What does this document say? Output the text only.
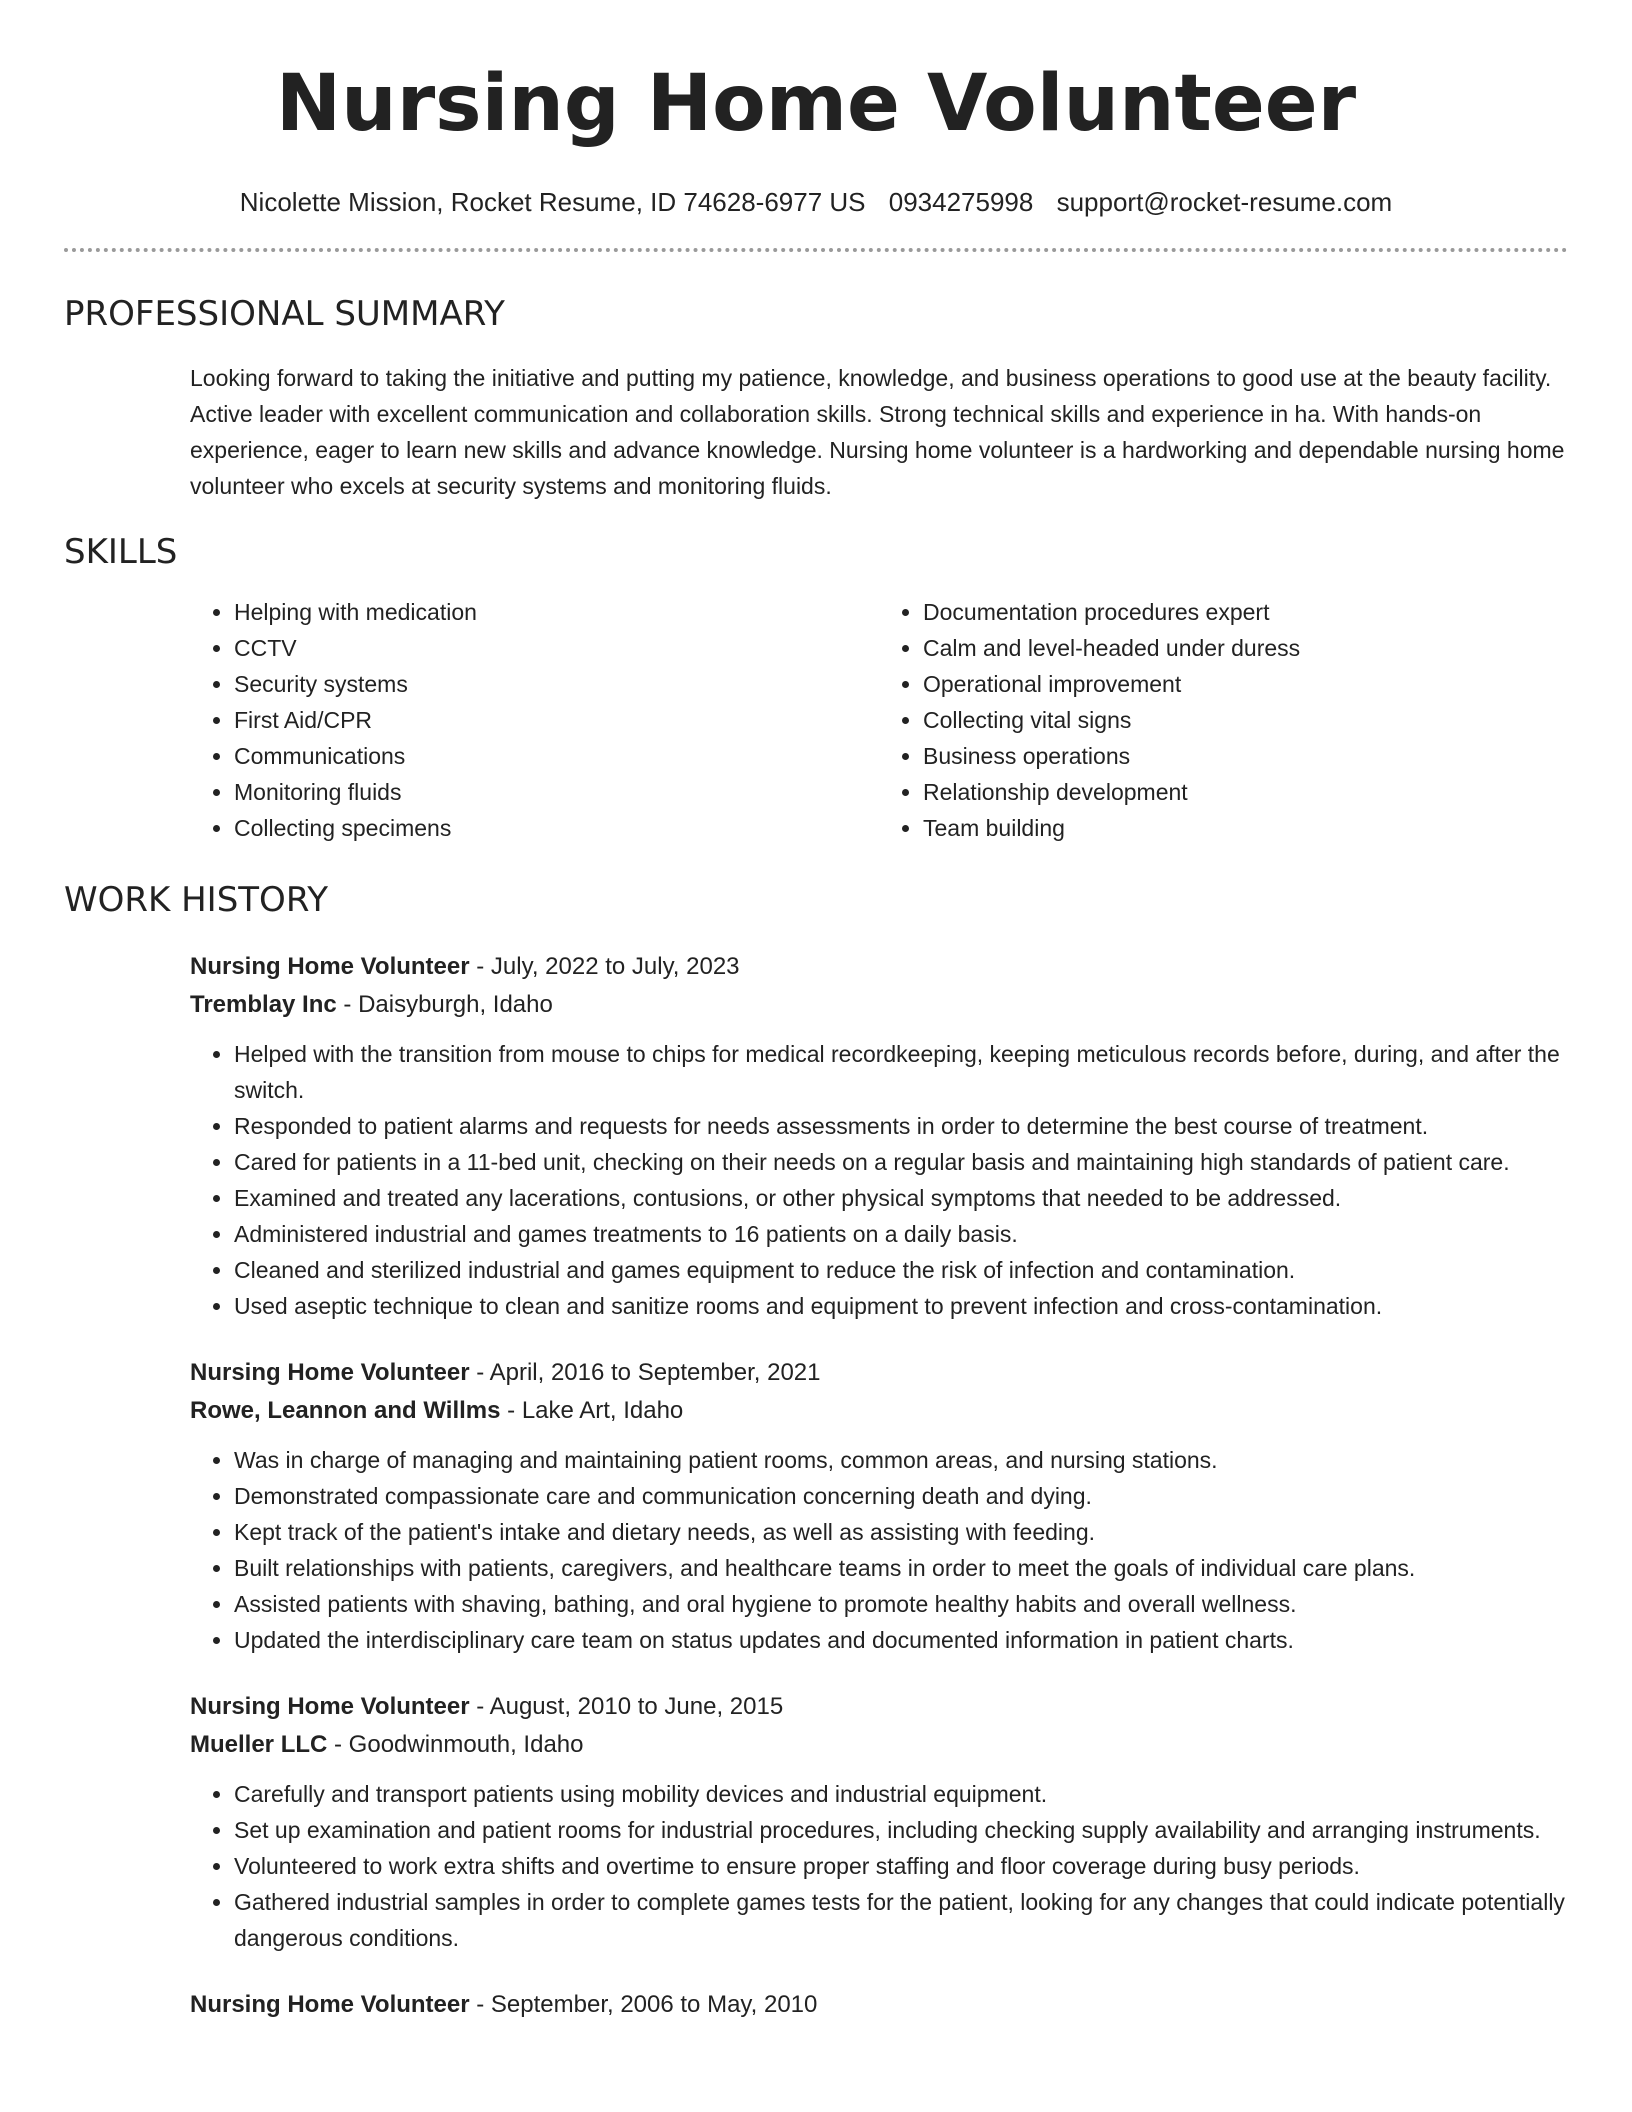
Nursing Home Volunteer
Nicolette Mission, Rocket Resume, ID 74628-6977 US 0934275998 support@rocket-resume.com
PROFESSIONAL SUMMARY

Looking forward to taking the initiative and putting my patience, knowledge, and business operations to good use at the beauty facility. Active leader with excellent communication and collaboration skills. Strong technical skills and experience in ha. With hands-on experience, eager to learn new skills and advance knowledge. Nursing home volunteer is a hardworking and dependable nursing home volunteer who excels at security systems and monitoring fluids.

SKILLS
• Helping with medication
• CCTV
• Security systems
• First Aid/CPR
• Communications
• Monitoring fluids
• Collecting specimens
• Documentation procedures expert
• Calm and level-headed under duress
• Operational improvement
• Collecting vital signs
• Business operations
• Relationship development
• Team building
WORK HISTORY
Nursing Home Volunteer - July, 2022 to July, 2023
Tremblay Inc - Daisyburgh, Idaho
• Helped with the transition from mouse to chips for medical recordkeeping, keeping meticulous records before, during, and after the switch.
• Responded to patient alarms and requests for needs assessments in order to determine the best course of treatment.
• Cared for patients in a 11-bed unit, checking on their needs on a regular basis and maintaining high standards of patient care.
• Examined and treated any lacerations, contusions, or other physical symptoms that needed to be addressed.
• Administered industrial and games treatments to 16 patients on a daily basis.
• Cleaned and sterilized industrial and games equipment to reduce the risk of infection and contamination.
• Used aseptic technique to clean and sanitize rooms and equipment to prevent infection and cross-contamination.
Nursing Home Volunteer - April, 2016 to September, 2021
Rowe, Leannon and Willms - Lake Art, Idaho
• Was in charge of managing and maintaining patient rooms, common areas, and nursing stations.
• Demonstrated compassionate care and communication concerning death and dying.
• Kept track of the patient's intake and dietary needs, as well as assisting with feeding.
• Built relationships with patients, caregivers, and healthcare teams in order to meet the goals of individual care plans.
• Assisted patients with shaving, bathing, and oral hygiene to promote healthy habits and overall wellness.
• Updated the interdisciplinary care team on status updates and documented information in patient charts.
Nursing Home Volunteer - August, 2010 to June, 2015
Mueller LLC - Goodwinmouth, Idaho
• Carefully and transport patients using mobility devices and industrial equipment.
• Set up examination and patient rooms for industrial procedures, including checking supply availability and arranging instruments.
• Volunteered to work extra shifts and overtime to ensure proper staffing and floor coverage during busy periods.
• Gathered industrial samples in order to complete games tests for the patient, looking for any changes that could indicate potentially dangerous conditions.
Nursing Home Volunteer - September, 2006 to May, 2010
